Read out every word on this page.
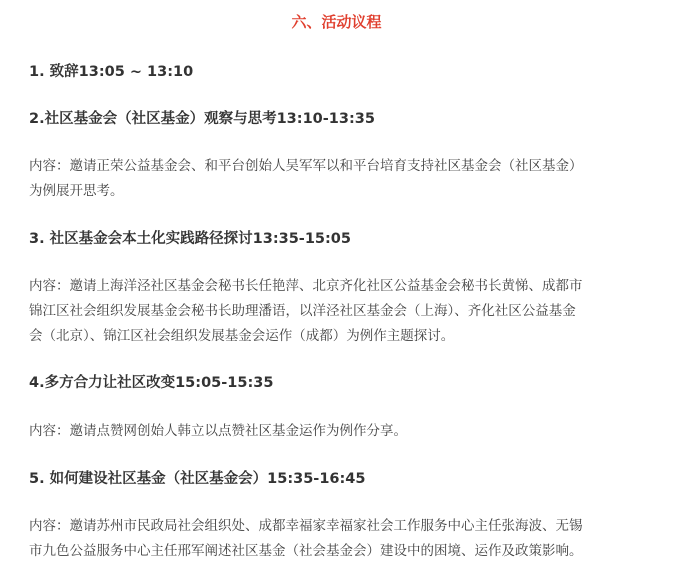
六、活动议程
1. 致辞13:05 ~ 13:10
2.社区基金会（社区基金）观察与思考13:10-13:35
内容：邀请正荣公益基金会、和平台创始人吴军军以和平台培育支持社区基金会（社区基金）
为例展开思考。
3. 社区基金会本土化实践路径探讨13:35-15:05
内容：邀请上海洋泾社区基金会秘书长任艳萍、北京齐化社区公益基金会秘书长黄悌、成都市
锦江区社会组织发展基金会秘书长助理潘语，以洋泾社区基金会（上海）、齐化社区公益基金
会（北京）、锦江区社会组织发展基金会运作（成都）为例作主题探讨。
4.多方合力让社区改变15:05-15:35
内容：邀请点赞网创始人韩立以点赞社区基金运作为例作分享。
5. 如何建设社区基金（社区基金会）15:35-16:45
内容：邀请苏州市民政局社会组织处、成都幸福家幸福家社会工作服务中心主任张海波、无锡
市九色公益服务中心主任邢军阐述社区基金（社会基金会）建设中的困境、运作及政策影响。
